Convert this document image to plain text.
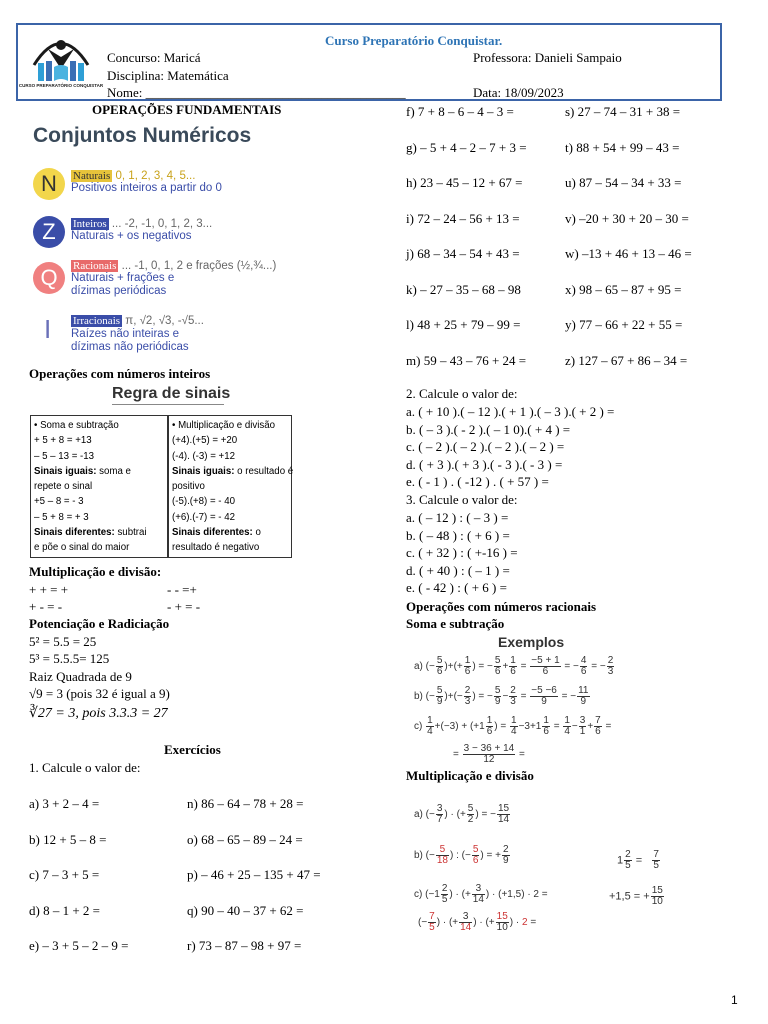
CURSO PREPARATÓRIO CONQUISTAR
Curso Preparatório Conquistar.
Concurso: Maricá	Professora: Danieli Sampaio
Disciplina: Matemática
Nome: ________________________________________	Data: 18/09/2023
OPERAÇÕES FUNDAMENTAIS
Conjuntos Numéricos
N	Naturais 0, 1, 2, 3, 4, 5...
Positivos inteiros a partir do 0
Z	Inteiros ... -2, -1, 0, 1, 2, 3...
Naturais + os negativos
Q	Racionais ... -1, 0, 1, 2 e frações (½,¾...)
Naturais + frações e
dízimas periódicas
I Irracionais π, √2, √3, -√5...
Raízes não inteiras e
dízimas não periódicas
Operações com números inteiros
Regra de sinais
• Soma e subtração
+ 5 + 8 = +13
– 5 – 13 = -13
Sinais iguais: soma e
repete o sinal
+5 – 8 = - 3
– 5 + 8 = + 3
Sinais diferentes: subtrai
e põe o sinal do maior
• Multiplicação e divisão
(+4).(+5) = +20
(-4). (-3) = +12
Sinais iguais: o resultado é
positivo
(-5).(+8) = - 40
(+6).(-7) = - 42
Sinais diferentes: o
resultado é negativo
Multiplicação e divisão:
+ + = +	- - =+
+ - = -	- + = -
Potenciação e Radiciação
5² = 5.5 = 25
5³ = 5.5.5= 125
Raiz Quadrada de 9
√9 = 3 (pois 32 é igual a 9)
∛27 = 3, pois 3.3.3 = 27
Exercícios
1. Calcule o valor de:
a) 3 + 2 – 4 =
b) 12 + 5 – 8 =
c) 7 – 3 + 5 =
d) 8 – 1 + 2 =
e) – 3 + 5 – 2 – 9 =
n) 86 – 64 – 78 + 28 =
o) 68 – 65 – 89 – 24 =
p) – 46 + 25 – 135 + 47 =
q) 90 – 40 – 37 + 62 =
r) 73 – 87 – 98 + 97 =
f) 7 + 8 – 6 – 4 – 3 =
g) – 5 + 4 – 2 – 7 + 3 =
h) 23 – 45 – 12 + 67 =
i) 72 – 24 – 56 + 13 =
j) 68 – 34 – 54 + 43 =
k) – 27 – 35 – 68 – 98
l) 48 + 25 + 79 – 99 =
m) 59 – 43 – 76 + 24 =
s) 27 – 74 – 31 + 38 =
t) 88 + 54 + 99 – 43 =
u) 87 – 54 – 34 + 33 =
v) –20 + 30 + 20 – 30 =
w) –13 + 46 + 13 – 46 =
x) 98 – 65 – 87 + 95 =
y) 77 – 66 + 22 + 55 =
z) 127 – 67 + 86 – 34 =
2. Calcule o valor de:
a. ( + 10 ).( – 12 ).( + 1 ).( – 3 ).( + 2 ) =
b. ( – 3 ).( - 2 ).( – 1 0).( + 4 ) =
c. ( – 2 ).( – 2 ).( – 2 ).( – 2 ) =
d. ( + 3 ).( + 3 ).( - 3 ).( - 3 ) =
e. ( - 1 ) . ( -12 ) . ( + 57 ) =
3. Calcule o valor de:
a. ( – 12 ) : ( – 3 ) =
b. ( – 48 ) : ( + 6 ) =
c. ( + 32 ) : ( +-16 ) =
d. ( + 40 ) : ( – 1 ) =
e. ( - 42 ) : ( + 6 ) =
Operações com números racionais
Soma e subtração
Exemplos
a) (− $\frac{5}{6}$ )+(+ $\frac{1}{6}$ ) = − $\frac{5}{6} + \frac{1}{6} = \frac{-5 + 1}{6}$ = − $\frac{4}{6}$ = − $\frac{2}{3}$
b) (− $\frac{5}{9}$ )+(− $\frac{2}{3}$ ) = − $\frac{5}{9} - \frac{2}{3} = \frac{-5 -6}{9}$ = − $\frac{11}{9}$
$c) \frac{1}{4} +(-3) + (+1 \frac{1}{6}$ ) = $\frac{1}{4} -3+1 \frac{1}{6} = \frac{1}{4} - \frac{3}{1} + \frac{7}{6}$ =
= $\frac{3 - 36 + 14}{12}$ =
Multiplicação e divisão
a) (− $\frac{3}{7}$ ) · (+ $\frac{5}{2}$ ) = − $\frac{15}{14}$
b) (− $\frac{5}{18}$ ) : (− $\frac{5}{6}$ ) = + $\frac{2}{9}$	$1 \frac{2}{5} = \frac{7}{5}$
c) ($-1 \frac{2}{5}$ ) · (+ $\frac{3}{14}$ ) · (+1,5) · 2 =	+1,5 = + $\frac{15}{10}$
(− $\frac{7}{5}$ ) · (+ $\frac{3}{14}$ ) · (+ $\frac{15}{10}$ ) · 2 =
1
